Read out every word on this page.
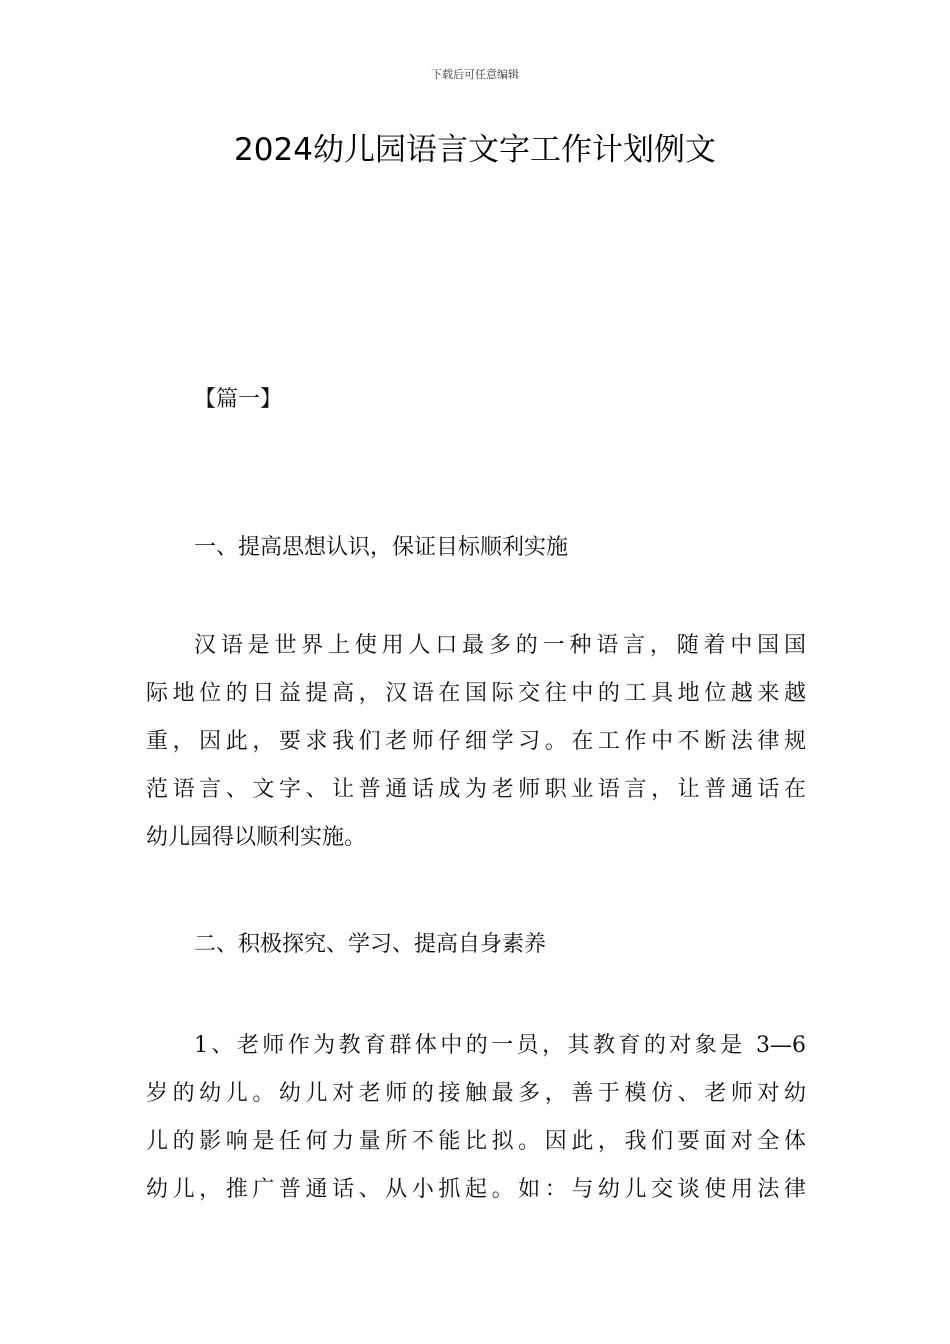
下载后可任意编辑
2024幼儿园语言文字工作计划例文
【篇一】
一、提高思想认识，保证目标顺利实施
汉语是世界上使用人口最多的一种语言，随着中国国
际地位的日益提高，汉语在国际交往中的工具地位越来越
重，因此，要求我们老师仔细学习。在工作中不断法律规
范语言、文字、让普通话成为老师职业语言，让普通话在
幼儿园得以顺利实施。
二、积极探究、学习、提高自身素养
1、老师作为教育群体中的一员，其教育的对象是 3—6
岁的幼儿。幼儿对老师的接触最多，善于模仿、老师对幼
儿的影响是任何力量所不能比拟。因此，我们要面对全体
幼儿，推广普通话、从小抓起。如：与幼儿交谈使用法律
